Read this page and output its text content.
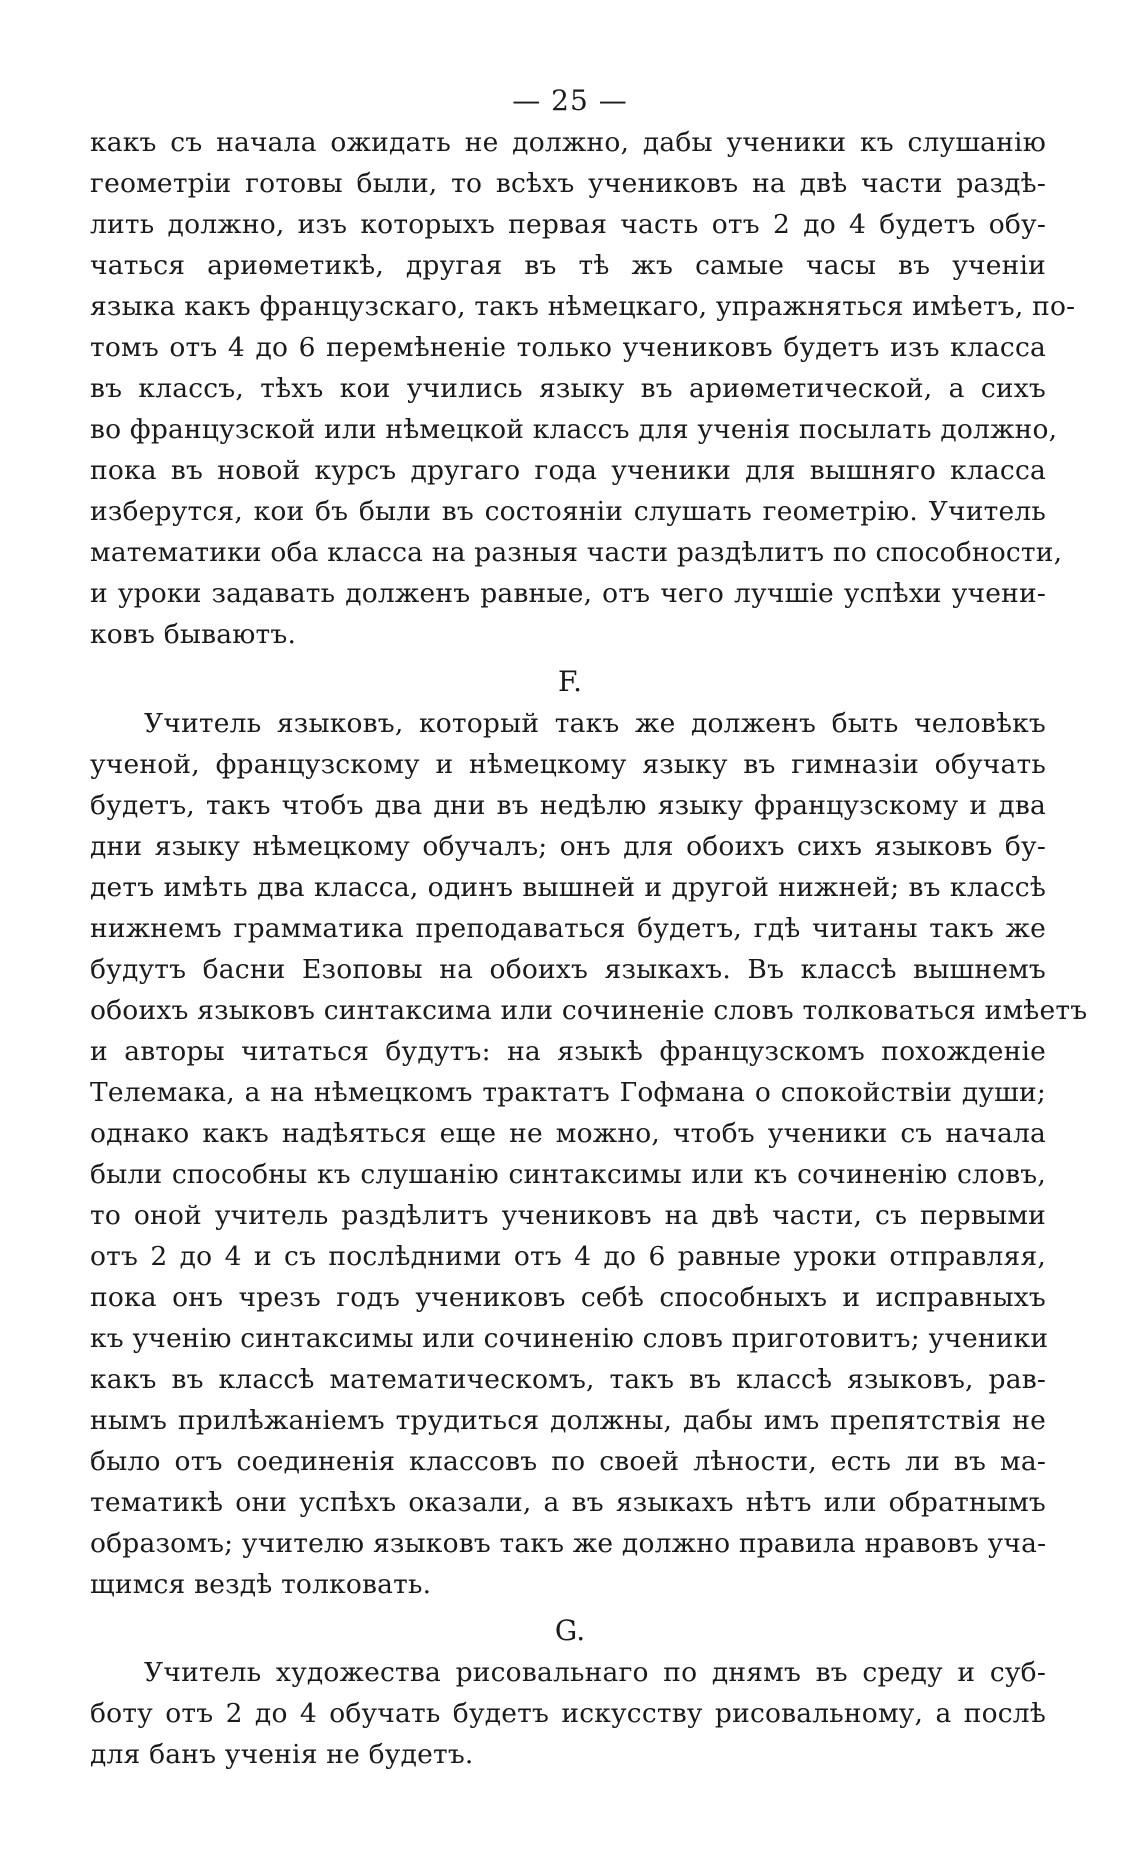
— 25 —
какъ съ начала ожидать не должно, дабы ученики къ слушанію
геометріи готовы были, то всѣхъ учениковъ на двѣ части раздѣ-
лить должно, изъ которыхъ первая часть отъ 2 до 4 будетъ обу-
чаться ариѳметикѣ, другая въ тѣ жъ самые часы въ ученіи
языка какъ французскаго, такъ нѣмецкаго, упражняться имѣетъ, по-
томъ отъ 4 до 6 перемѣненіе только учениковъ будетъ изъ класса
въ классъ, тѣхъ кои учились языку въ ариѳметической, а сихъ
во французской или нѣмецкой классъ для ученія посылать должно,
пока въ новой курсъ другаго года ученики для вышняго класса
изберутся, кои бъ были въ состояніи слушать геометрію. Учитель
математики оба класса на разныя части раздѣлитъ по способности,
и уроки задавать долженъ равные, отъ чего лучшіе успѣхи учени-
ковъ бываютъ.
F.
Учитель языковъ, который такъ же долженъ быть человѣкъ
ученой, французскому и нѣмецкому языку въ гимназіи обучать
будетъ, такъ чтобъ два дни въ недѣлю языку французскому и два
дни языку нѣмецкому обучалъ; онъ для обоихъ сихъ языковъ бу-
детъ имѣть два класса, одинъ вышней и другой нижней; въ классѣ
нижнемъ грамматика преподаваться будетъ, гдѣ читаны такъ же
будутъ басни Езоповы на обоихъ языкахъ. Въ классѣ вышнемъ
обоихъ языковъ синтаксима или сочиненіе словъ толковаться имѣетъ
и авторы читаться будутъ: на языкѣ французскомъ похожденіе
Телемака, а на нѣмецкомъ трактатъ Гофмана о спокойствіи души;
однако какъ надѣяться еще не можно, чтобъ ученики съ начала
были способны къ слушанію синтаксимы или къ сочиненію словъ,
то оной учитель раздѣлитъ учениковъ на двѣ части, съ первыми
отъ 2 до 4 и съ послѣдними отъ 4 до 6 равные уроки отправляя,
пока онъ чрезъ годъ учениковъ себѣ способныхъ и исправныхъ
къ ученію синтаксимы или сочиненію словъ приготовитъ; ученики
какъ въ классѣ математическомъ, такъ въ классѣ языковъ, рав-
нымъ прилѣжаніемъ трудиться должны, дабы имъ препятствія не
было отъ соединенія классовъ по своей лѣности, есть ли въ ма-
тематикѣ они успѣхъ оказали, а въ языкахъ нѣтъ или обратнымъ
образомъ; учителю языковъ такъ же должно правила нравовъ уча-
щимся вездѣ толковать.
G.
Учитель художества рисовальнаго по днямъ въ среду и суб-
боту отъ 2 до 4 обучать будетъ искусству рисовальному, а послѣ
для банъ ученія не будетъ.
